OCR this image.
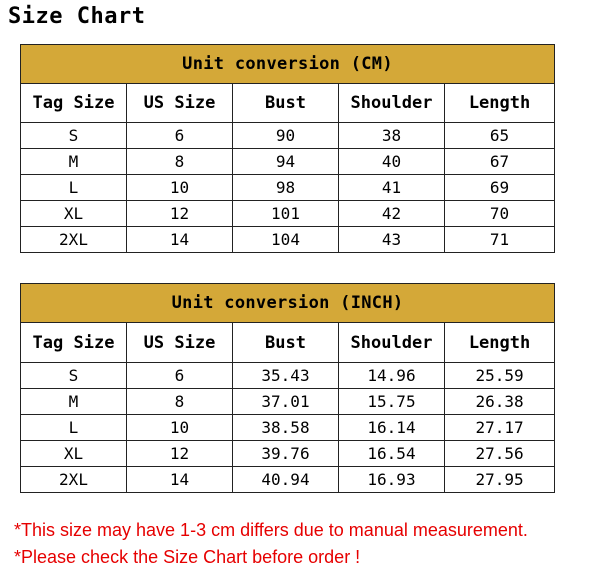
Size Chart
Unit conversion (CM)				
Tag Size	US Size	Bust	Shoulder	Length
S	6	90	38	65
M	8	94	40	67
L	10	98	41	69
XL	12	101	42	70
2XL	14	104	43	71
Unit conversion (INCH)				
Tag Size	US Size	Bust	Shoulder	Length
S	6	35.43	14.96	25.59
M	8	37.01	15.75	26.38
L	10	38.58	16.14	27.17
XL	12	39.76	16.54	27.56
2XL	14	40.94	16.93	27.95
*This size may have 1-3 cm differs due to manual measurement.
*Please check the Size Chart before order !
